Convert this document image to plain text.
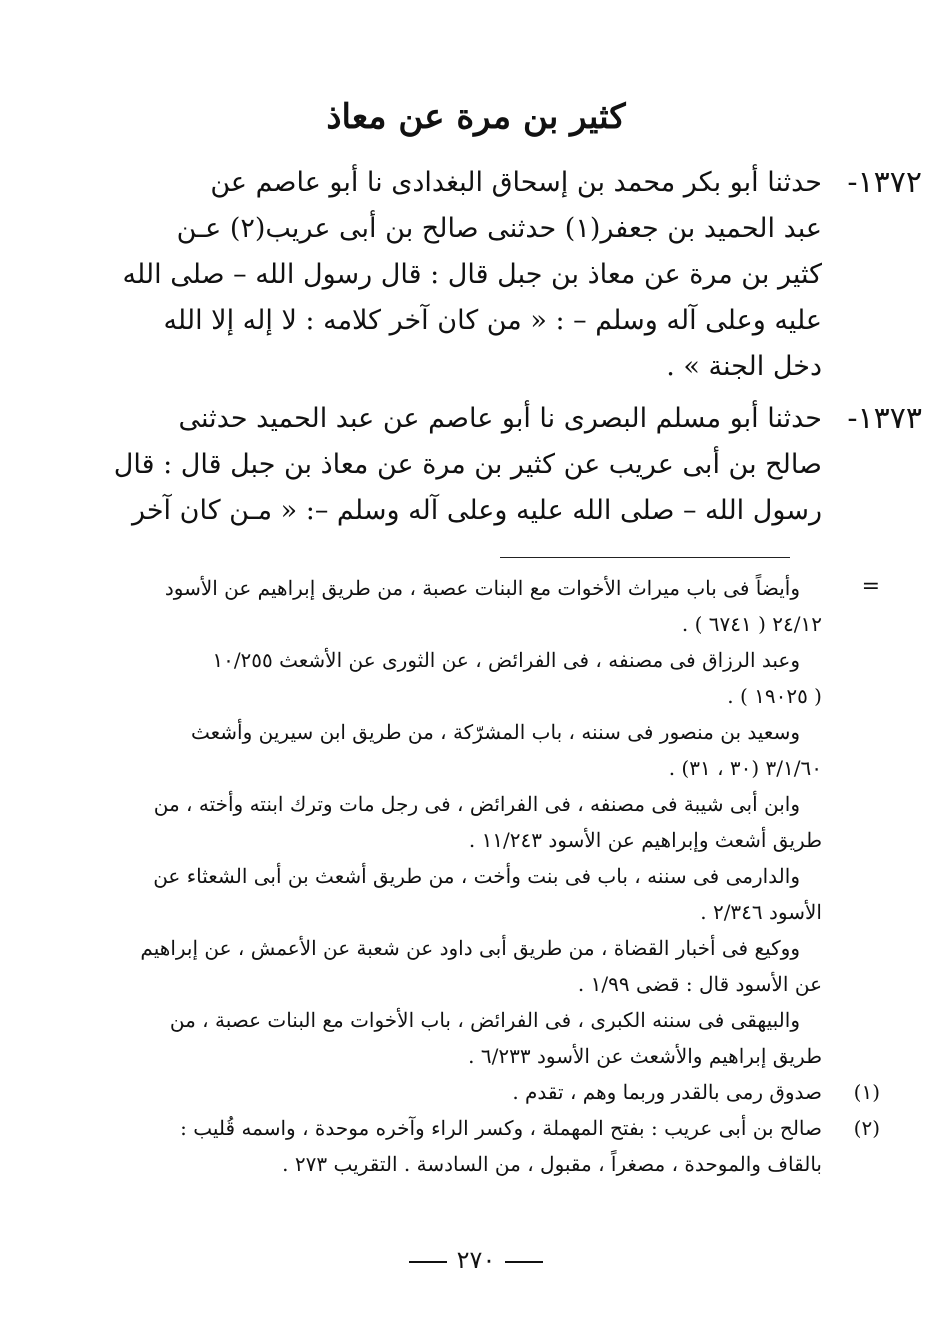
كثير بن مرة عن معاذ
١٣٧٢-
حدثنا أبو بكر محمد بن إسحاق البغدادى نا أبو عاصم عن
عبد الحميد بن جعفر(١) حدثنى صالح بن أبى عريب(٢) عـن
كثير بن مرة عن معاذ بن جبل قال : قال رسول الله – صلى الله
عليه وعلى آله وسلم – : « من كان آخر كلامه : لا إله إلا الله
دخل الجنة » .
١٣٧٣-
حدثنا أبو مسلم البصرى نا أبو عاصم عن عبد الحميد حدثنى
صالح بن أبى عريب عن كثير بن مرة عن معاذ بن جبل قال : قال
رسول الله – صلى الله عليه وعلى آله وسلم –: « مـن كان آخر
=
وأيضاً فى باب ميراث الأخوات مع البنات عصبة ، من طريق إبراهيم عن الأسود
٢٤/١٢ ( ٦٧٤١ ) .
وعبد الرزاق فى مصنفه ، فى الفرائض ، عن الثورى عن الأشعث ١٠/٢٥٥
( ١٩٠٢٥ ) .
وسعيد بن منصور فى سننه ، باب المشرّكة ، من طريق ابن سيرين وأشعث
٣/١/٦٠ (٣٠ ، ٣١) .
وابن أبى شيبة فى مصنفه ، فى الفرائض ، فى رجل مات وترك ابنته وأخته ، من
طريق أشعث وإبراهيم عن الأسود ١١/٢٤٣ .
والدارمى فى سننه ، باب فى بنت وأخت ، من طريق أشعث بن أبى الشعثاء عن
الأسود ٢/٣٤٦ .
ووكيع فى أخبار القضاة ، من طريق أبى داود عن شعبة عن الأعمش ، عن إبراهيم
عن الأسود قال : قضى ١/٩٩ .
والبيهقى فى سننه الكبرى ، فى الفرائض ، باب الأخوات مع البنات عصبة ، من
طريق إبراهيم والأشعث عن الأسود ٦/٢٣٣ .
(١)
صدوق رمى بالقدر وربما وهم ، تقدم .
(٢)
صالح بن أبى عريب : بفتح المهملة ، وكسر الراء وآخره موحدة ، واسمه قُليب :
بالقاف والموحدة ، مصغراً ، مقبول ، من السادسة . التقريب ٢٧٣ .
٢٧٠
